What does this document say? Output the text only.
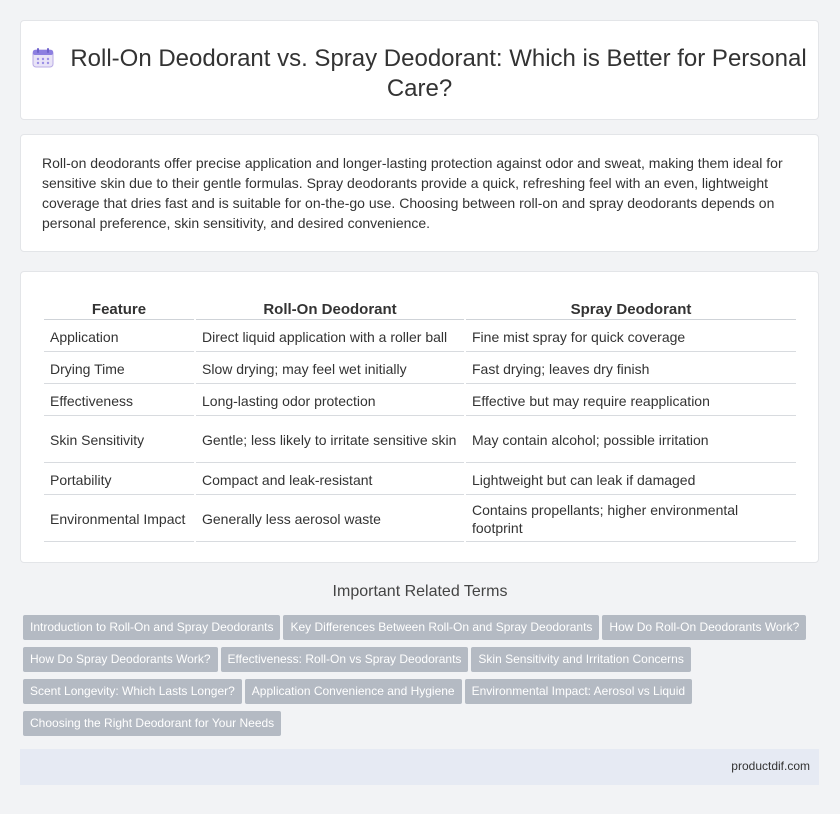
Roll-On Deodorant vs. Spray Deodorant: Which is Better for Personal Care?
Roll-on deodorants offer precise application and longer-lasting protection against odor and sweat, making them ideal for sensitive skin due to their gentle formulas. Spray deodorants provide a quick, refreshing feel with an even, lightweight coverage that dries fast and is suitable for on-the-go use. Choosing between roll-on and spray deodorants depends on personal preference, skin sensitivity, and desired convenience.
Feature	Roll-On Deodorant	Spray Deodorant
Application	Direct liquid application with a roller ball	Fine mist spray for quick coverage
Drying Time	Slow drying; may feel wet initially	Fast drying; leaves dry finish
Effectiveness	Long-lasting odor protection	Effective but may require reapplication
Skin Sensitivity	Gentle; less likely to irritate sensitive skin	May contain alcohol; possible irritation
Portability	Compact and leak-resistant	Lightweight but can leak if damaged
Environmental Impact	Generally less aerosol waste	Contains propellants; higher environmental footprint
Important Related Terms
Introduction to Roll-On and Spray Deodorants Key Differences Between Roll-On and Spray Deodorants How Do Roll-On Deodorants Work?
How Do Spray Deodorants Work? Effectiveness: Roll-On vs Spray Deodorants Skin Sensitivity and Irritation Concerns
Scent Longevity: Which Lasts Longer? Application Convenience and Hygiene Environmental Impact: Aerosol vs Liquid
Choosing the Right Deodorant for Your Needs
productdif.com
